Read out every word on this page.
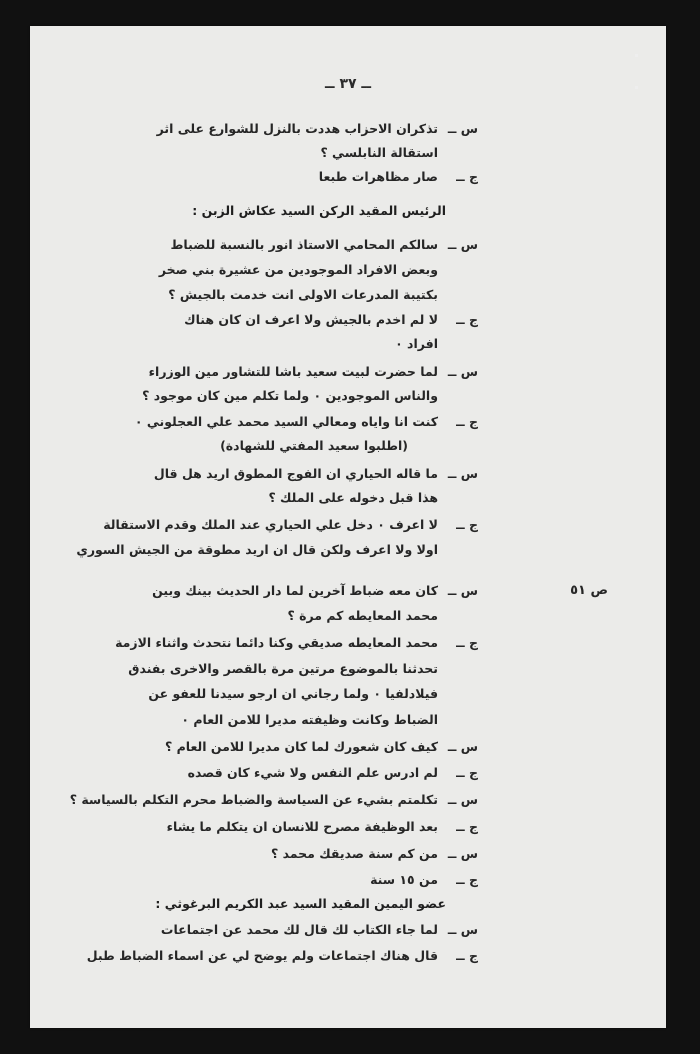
ــ ٣٧ ــ
س ــ
تذكران الاحزاب هددت بالنزل للشوارع على اثر
استقالة النابلسي ؟
ج ــ
صار مظاهرات طبعا
الرئيس المقيد الركن السيد عكاش الزبن :
س ــ
سالكم المحامي الاستاذ انور بالنسبة للضباط
وبعض الافراد الموجودين من عشيرة بني صخر
بكتيبة المدرعات الاولى انت خدمت بالجيش ؟
ج ــ
لا لم اخدم بالجيش ولا اعرف ان كان هناك
افراد ٠
س ــ
لما حضرت لبيت سعيد باشا للتشاور مين الوزراء
والناس الموجودين ٠ ولما تكلم مين كان موجود ؟
ج ــ
كنت انا واياه ومعالي السيد محمد علي العجلوني ٠
(اطلبوا سعيد المفتي للشهادة)
س ــ
ما قاله الحياري ان الفوج المطوق اريد هل قال
هذا قبل دخوله على الملك ؟
ج ــ
لا اعرف ٠ دخل علي الحياري عند الملك وقدم الاستقالة
اولا ولا اعرف ولكن قال ان اريد مطوقة من الجيش السوري
ص ٥١
س ــ
كان معه ضباط آخرين لما دار الحديث بينك وبين
محمد المعايطه كم مرة ؟
ج ــ
محمد المعايطه صديقي وكنا دائما نتحدث واثناء الازمة
تحدثنا بالموضوع مرتين مرة بالقصر والاخرى بفندق
فيلادلفيا ٠ ولما رجاني ان ارجو سيدنا للعفو عن
الضباط وكانت وظيفته مديرا للامن العام ٠
س ــ
كيف كان شعورك لما كان مديرا للامن العام ؟
ج ــ
لم ادرس علم النفس ولا شيء كان قصده
س ــ
تكلمتم بشيء عن السياسة والضباط محرم التكلم بالسياسة ؟
ج ــ
بعد الوظيفة مصرح للانسان ان يتكلم ما يشاء
س ــ
من كم سنة صديقك محمد ؟
ج ــ
من ١٥ سنة
عضو اليمين المقيد السيد عبد الكريم البرغوثي :
س ــ
لما جاء الكتاب لك قال لك محمد عن اجتماعات
ج ــ
قال هناك اجتماعات ولم يوضح لي عن اسماء الضباط طبل
